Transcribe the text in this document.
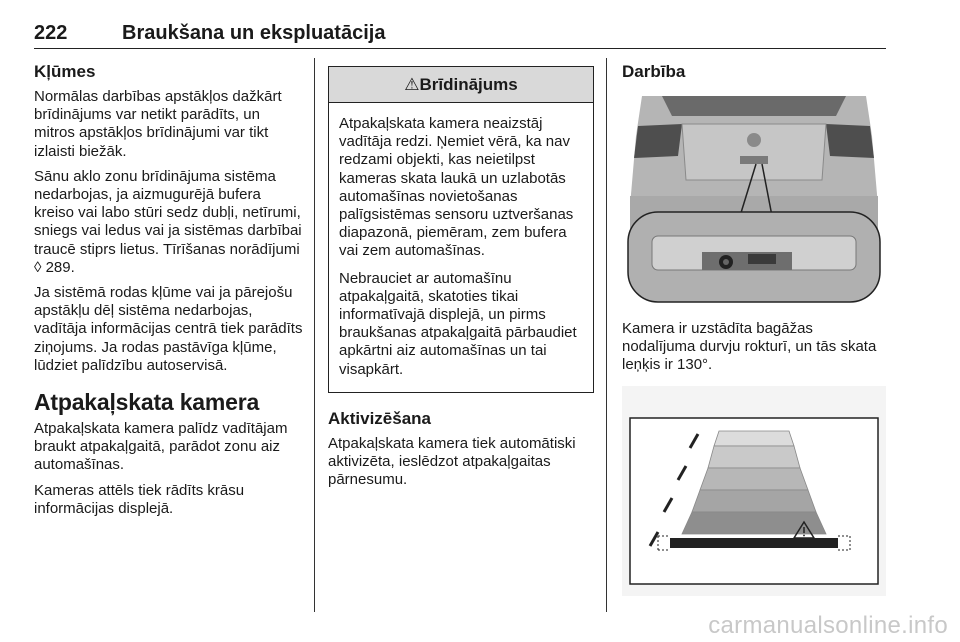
222	Braukšana un ekspluatācija
Kļūmes

Normālas darbības apstākļos dažkārt brīdinājums var netikt parādīts, un mitros apstākļos brīdinājumi var tikt izlaisti biežāk.

Sānu aklo zonu brīdinājuma sistēma nedarbojas, ja aizmugurējā bufera kreiso vai labo stūri sedz dubļi, netīrumi, sniegs vai ledus vai ja sistēmas darbībai traucē stiprs lietus. Tīrīšanas norādījumi ◊ 289.

Ja sistēmā rodas kļūme vai ja pārejošu apstākļu dēļ sistēma nedarbojas, vadītāja informācijas centrā tiek parādīts ziņojums. Ja rodas pastāvīga kļūme, lūdziet palīdzību autoservisā.

Atpakaļskata kamera

Atpakaļskata kamera palīdz vadītājam braukt atpakaļgaitā, parādot zonu aiz automašīnas.

Kameras attēls tiek rādīts krāsu informācijas displejā.

⚠Brīdinājums

Atpakaļskata kamera neaizstāj vadītāja redzi. Ņemiet vērā, ka nav redzami objekti, kas neietilpst kameras skata laukā un uzlabotās automašīnas novietošanas palīgsistēmas sensoru uztveršanas diapazonā, piemēram, zem bufera vai zem automašīnas.

Nebrauciet ar automašīnu atpakaļgaitā, skatoties tikai informatīvajā displejā, un pirms braukšanas atpakaļgaitā pārbaudiet apkārtni aiz automašīnas un tai visapkārt.

Aktivizēšana

Atpakaļskata kamera tiek automātiski aktivizēta, ieslēdzot atpakaļgaitas pārnesumu.

Darbība

Kamera ir uzstādīta bagāžas nodalījuma durvju rokturī, un tās skata leņķis ir 130°.

carmanualsonline.info
